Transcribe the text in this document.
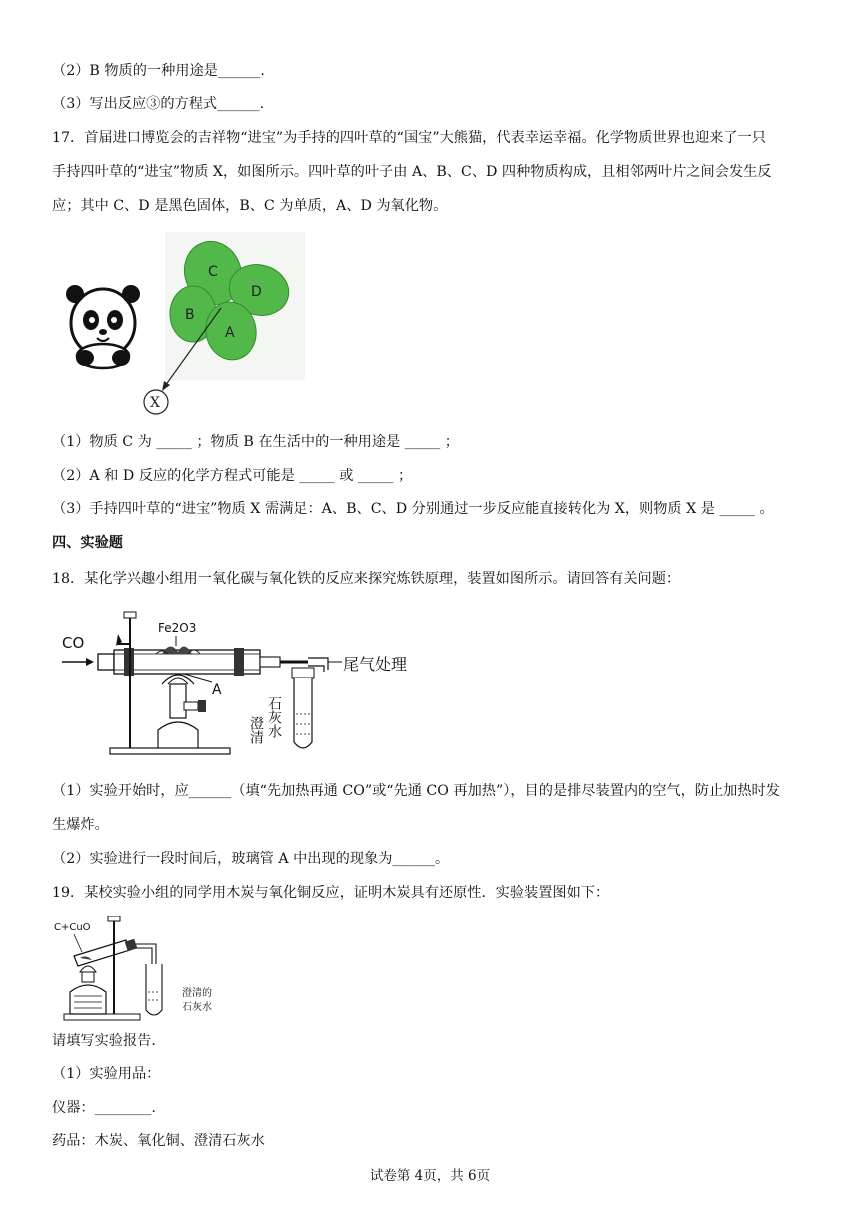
（2）B 物质的一种用途是______.
（3）写出反应③的方程式______.
17．首届进口博览会的吉祥物“进宝”为手持的四叶草的“国宝”大熊猫，代表幸运幸福。化学物质世界也迎来了一只
手持四叶草的“进宝”物质 X，如图所示。四叶草的叶子由 A、B、C、D 四种物质构成，且相邻两叶片之间会发生反
应；其中 C、D 是黑色固体，B、C 为单质，A、D 为氧化物。
C
D
B
A
X
（1）物质 C 为 _____ ；物质 B 在生活中的一种用途是 _____ ；
（2）A 和 D 反应的化学方程式可能是 _____ 或 _____ ；
（3）手持四叶草的“进宝”物质 X 需满足：A、B、C、D 分别通过一步反应能直接转化为 X，则物质 X 是 _____ 。
四、实验题
18．某化学兴趣小组用一氧化碳与氧化铁的反应来探究炼铁原理，装置如图所示。请回答有关问题：
CO
Fe2O3
A
尾气处理
石灰水
澄清
（1）实验开始时，应______（填“先加热再通 CO”或“先通 CO 再加热”），目的是排尽装置内的空气，防止加热时发
生爆炸。
（2）实验进行一段时间后，玻璃管 A 中出现的现象为______。
19．某校实验小组的同学用木炭与氧化铜反应，证明木炭具有还原性．实验装置图如下：
C+CuO
澄清的
石灰水
请填写实验报告．
（1）实验用品：
仪器：________.
药品：木炭、氧化铜、澄清石灰水
试卷第 4页，共 6页
